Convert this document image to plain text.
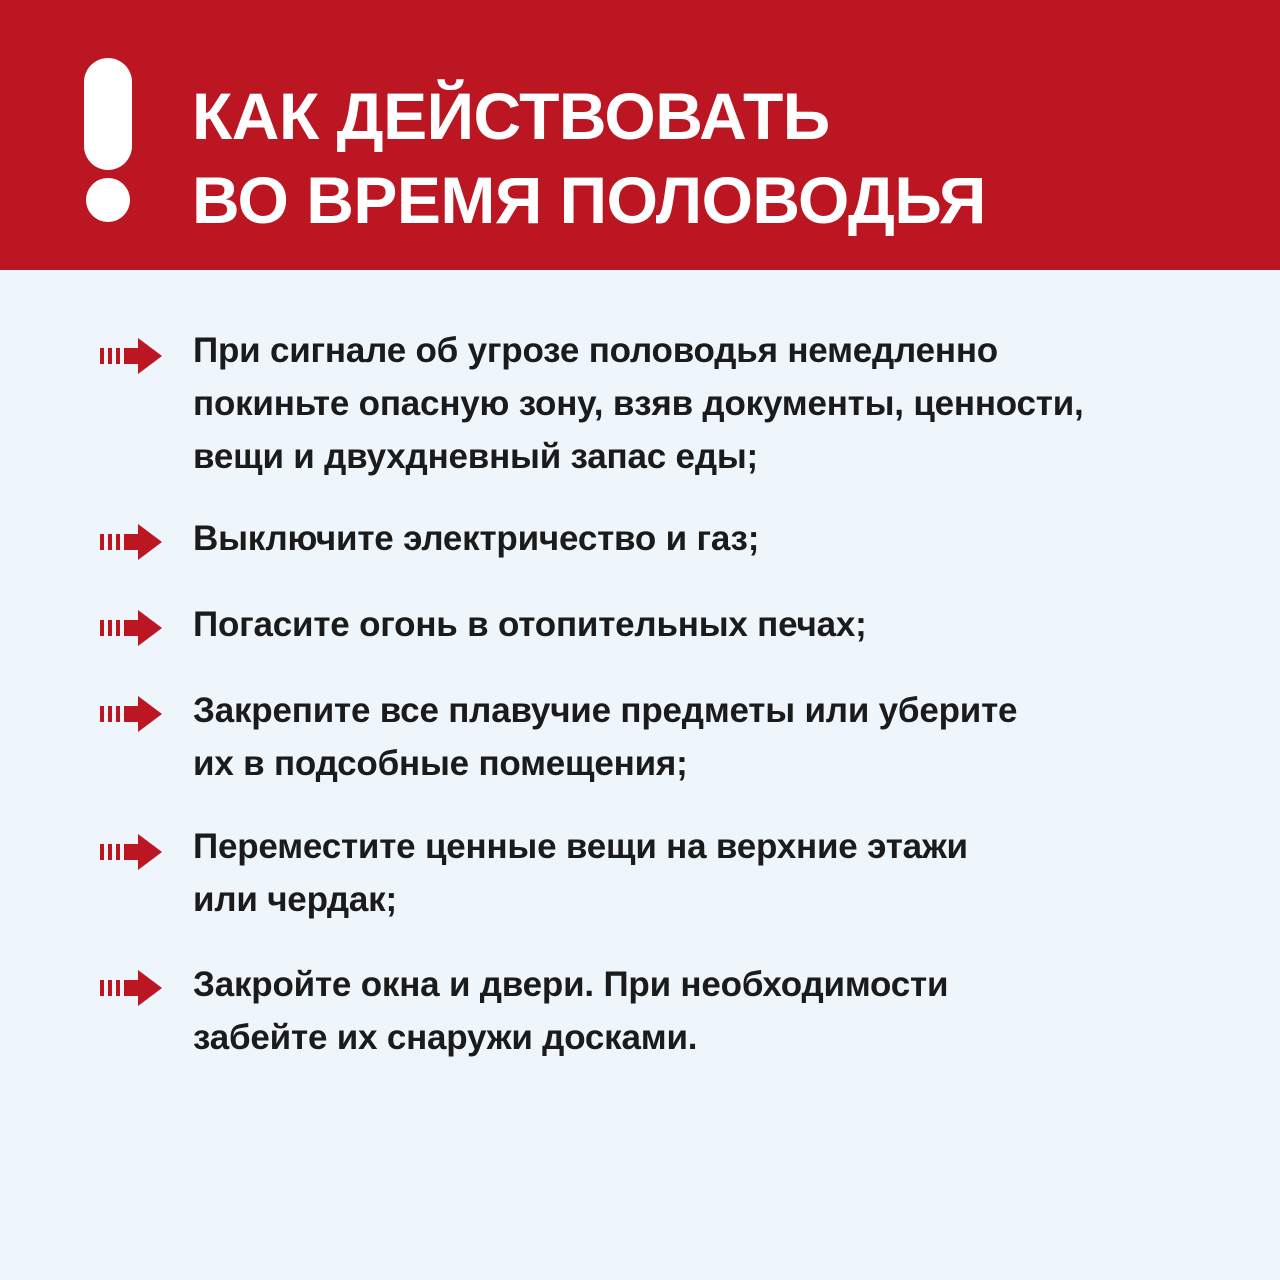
КАК ДЕЙСТВОВАТЬ
ВО ВРЕМЯ ПОЛОВОДЬЯ
При сигнале об угрозе половодья немедленно
покиньте опасную зону, взяв документы, ценности,
вещи и двухдневный запас еды;
Выключите электричество и газ;
Погасите огонь в отопительных печах;
Закрепите все плавучие предметы или уберите
их в подсобные помещения;
Переместите ценные вещи на верхние этажи
или чердак;
Закройте окна и двери. При необходимости
забейте их снаружи досками.
